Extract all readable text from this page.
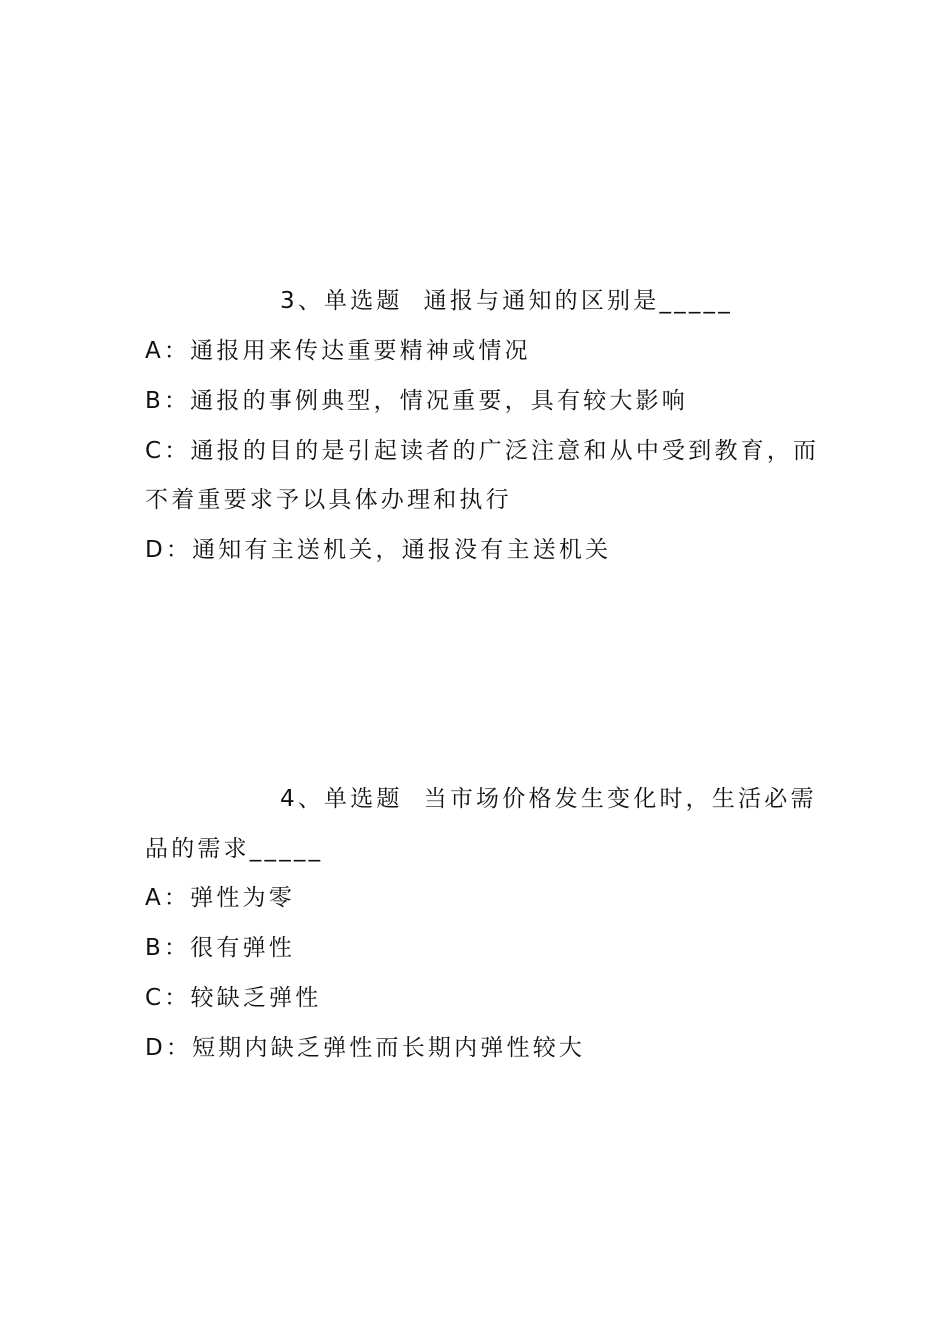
3、单选题  通报与通知的区别是_____
A：通报用来传达重要精神或情况
B：通报的事例典型，情况重要，具有较大影响
C：通报的目的是引起读者的广泛注意和从中受到教育，而
不着重要求予以具体办理和执行
D：通知有主送机关，通报没有主送机关
4、单选题  当市场价格发生变化时，生活必需
品的需求_____
A：弹性为零
B：很有弹性
C：较缺乏弹性
D：短期内缺乏弹性而长期内弹性较大
